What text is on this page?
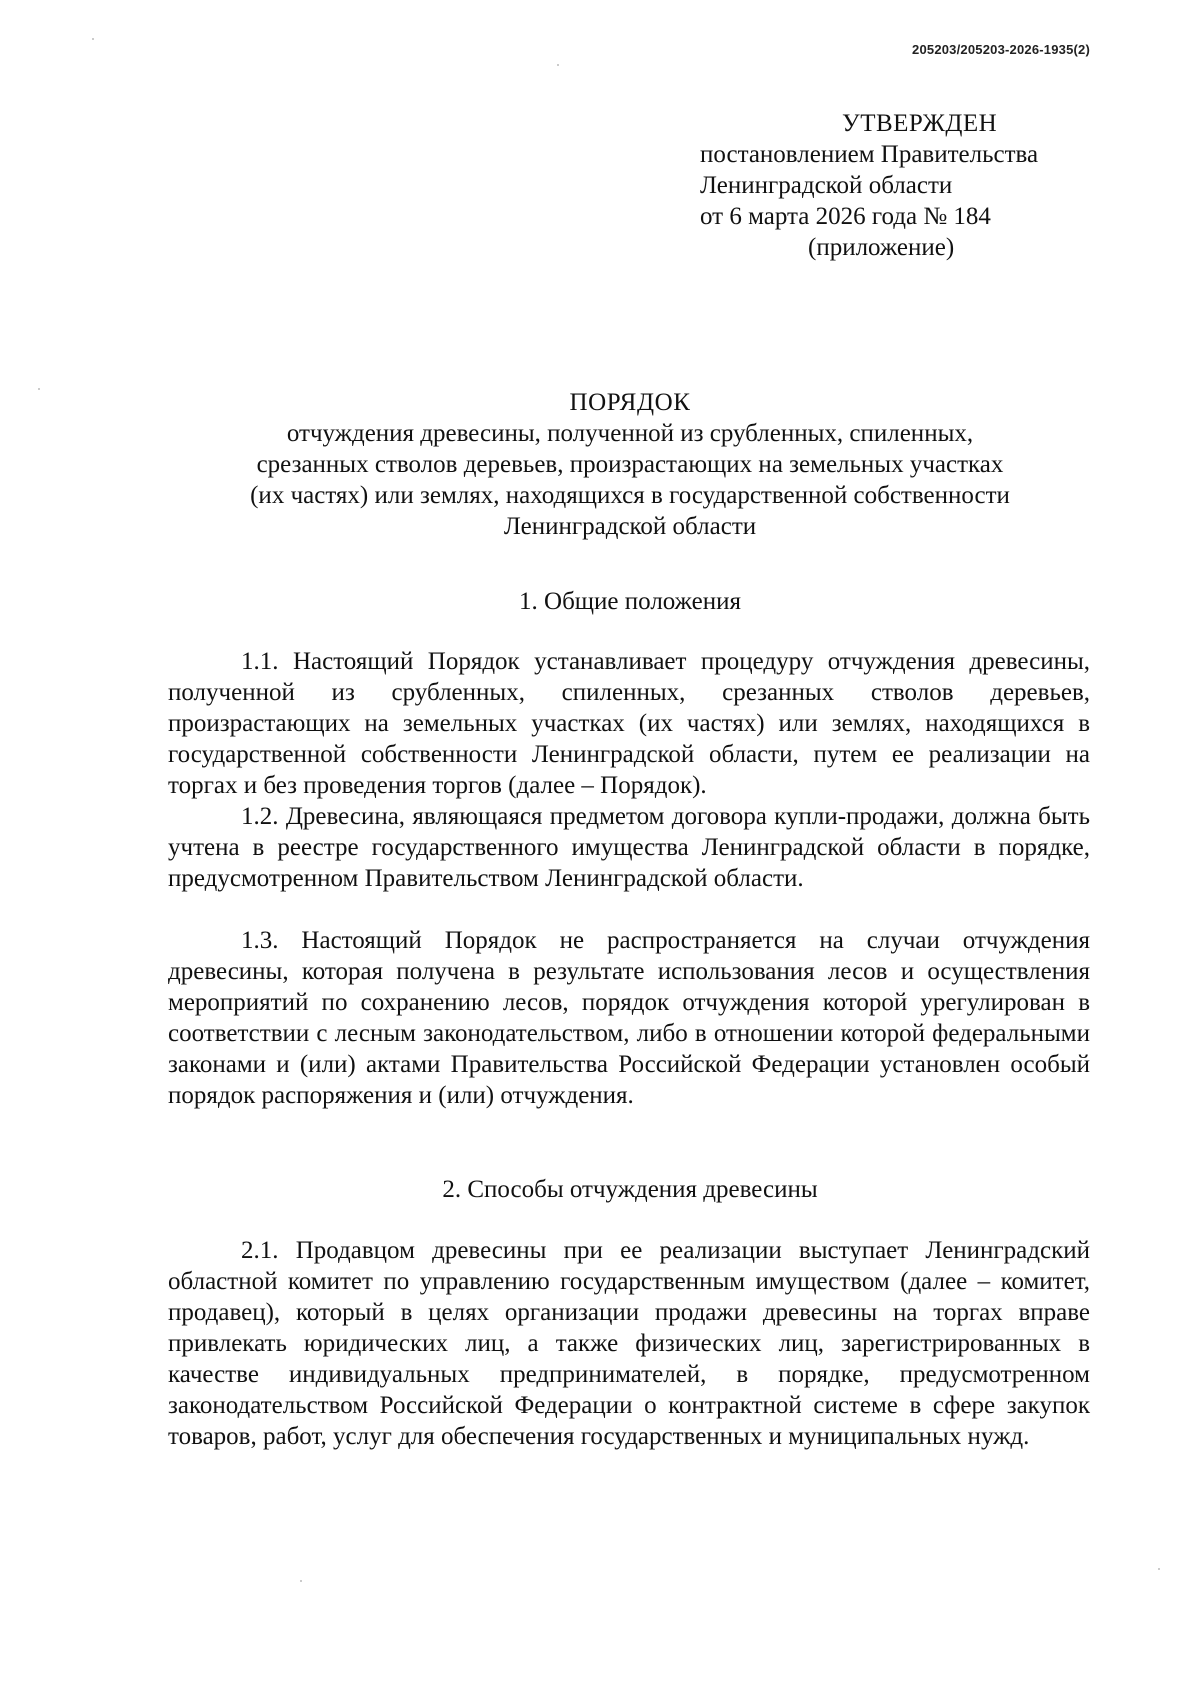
205203/205203-2026-1935(2)
УТВЕРЖДЕН
постановлением Правительства
Ленинградской области
от 6 марта 2026 года № 184
(приложение)
ПОРЯДОК
отчуждения древесины, полученной из срубленных, спиленных,
срезанных стволов деревьев, произрастающих на земельных участках
(их частях) или землях, находящихся в государственной собственности
Ленинградской области
1. Общие положения

1.1. Настоящий Порядок устанавливает процедуру отчуждения древесины, полученной из срубленных, спиленных, срезанных стволов деревьев, произрастающих на земельных участках (их частях) или землях, находящихся в государственной собственности Ленинградской области, путем ее реализации на торгах и без проведения торгов (далее – Порядок).

1.2. Древесина, являющаяся предметом договора купли-продажи, должна быть учтена в реестре государственного имущества Ленинградской области в порядке, предусмотренном Правительством Ленинградской области.

1.3. Настоящий Порядок не распространяется на случаи отчуждения древесины, которая получена в результате использования лесов и осуществления мероприятий по сохранению лесов, порядок отчуждения которой урегулирован в соответствии с лесным законодательством, либо в отношении которой федеральными законами и (или) актами Правительства Российской Федерации установлен особый порядок распоряжения и (или) отчуждения.

2. Способы отчуждения древесины

2.1. Продавцом древесины при ее реализации выступает Ленинградский областной комитет по управлению государственным имуществом (далее – комитет, продавец), который в целях организации продажи древесины на торгах вправе привлекать юридических лиц, а также физических лиц, зарегистрированных в качестве индивидуальных предпринимателей, в порядке, предусмотренном законодательством Российской Федерации о контрактной системе в сфере закупок товаров, работ, услуг для обеспечения государственных и муниципальных нужд.
